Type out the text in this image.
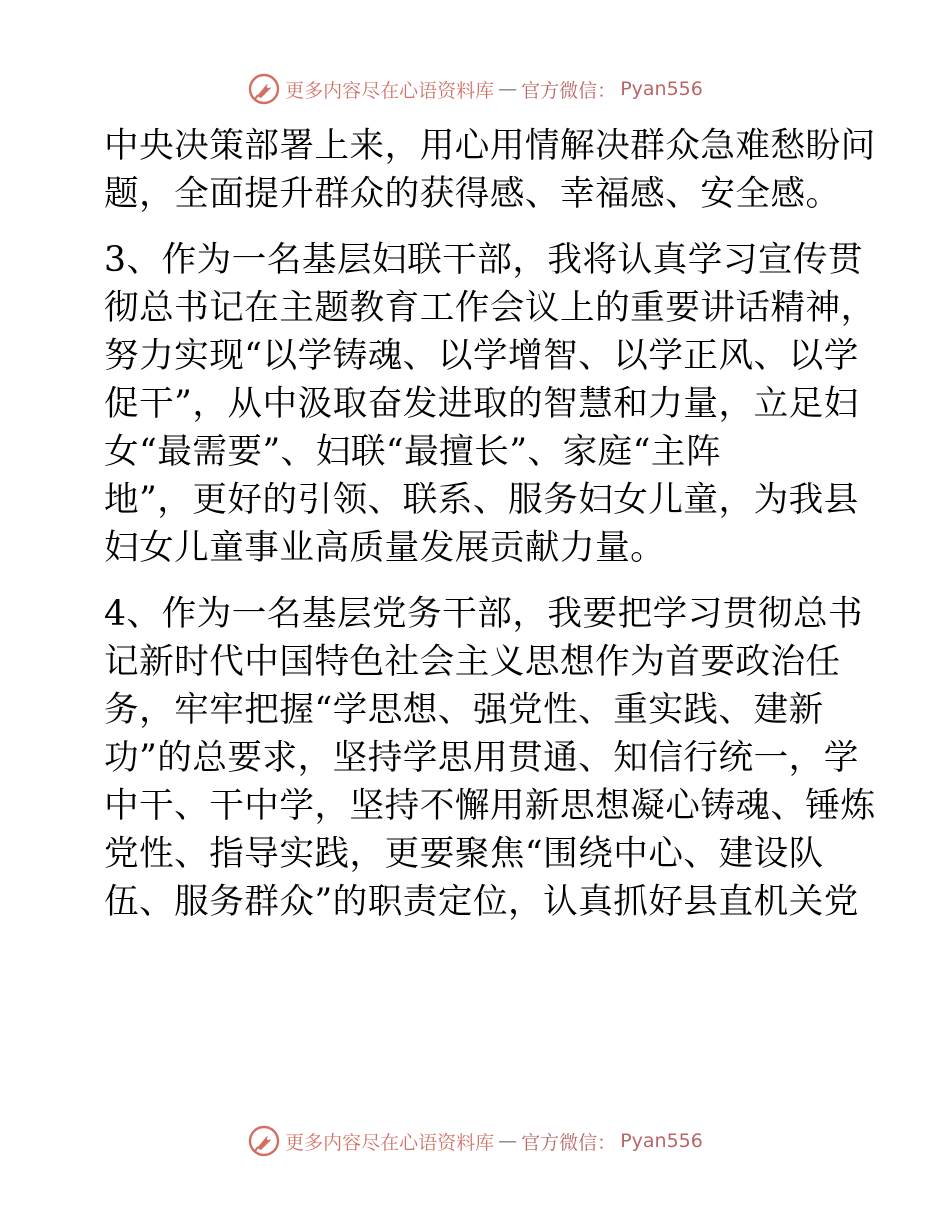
更多内容尽在心语资料库 — 官方微信： Pyan556
中央决策部署上来，用心用情解决群众急难愁盼问
题，全面提升群众的获得感、幸福感、安全感。
3、作为一名基层妇联干部，我将认真学习宣传贯
彻总书记在主题教育工作会议上的重要讲话精神，
努力实现“以学铸魂、以学增智、以学正风、以学
促干”，从中汲取奋发进取的智慧和力量，立足妇
女“最需要”、妇联“最擅长”、家庭“主阵
地”，更好的引领、联系、服务妇女儿童，为我县
妇女儿童事业高质量发展贡献力量。
4、作为一名基层党务干部，我要把学习贯彻总书
记新时代中国特色社会主义思想作为首要政治任
务，牢牢把握“学思想、强党性、重实践、建新
功”的总要求，坚持学思用贯通、知信行统一，学
中干、干中学，坚持不懈用新思想凝心铸魂、锤炼
党性、指导实践，更要聚焦“围绕中心、建设队
伍、服务群众”的职责定位，认真抓好县直机关党
更多内容尽在心语资料库 — 官方微信： Pyan556
